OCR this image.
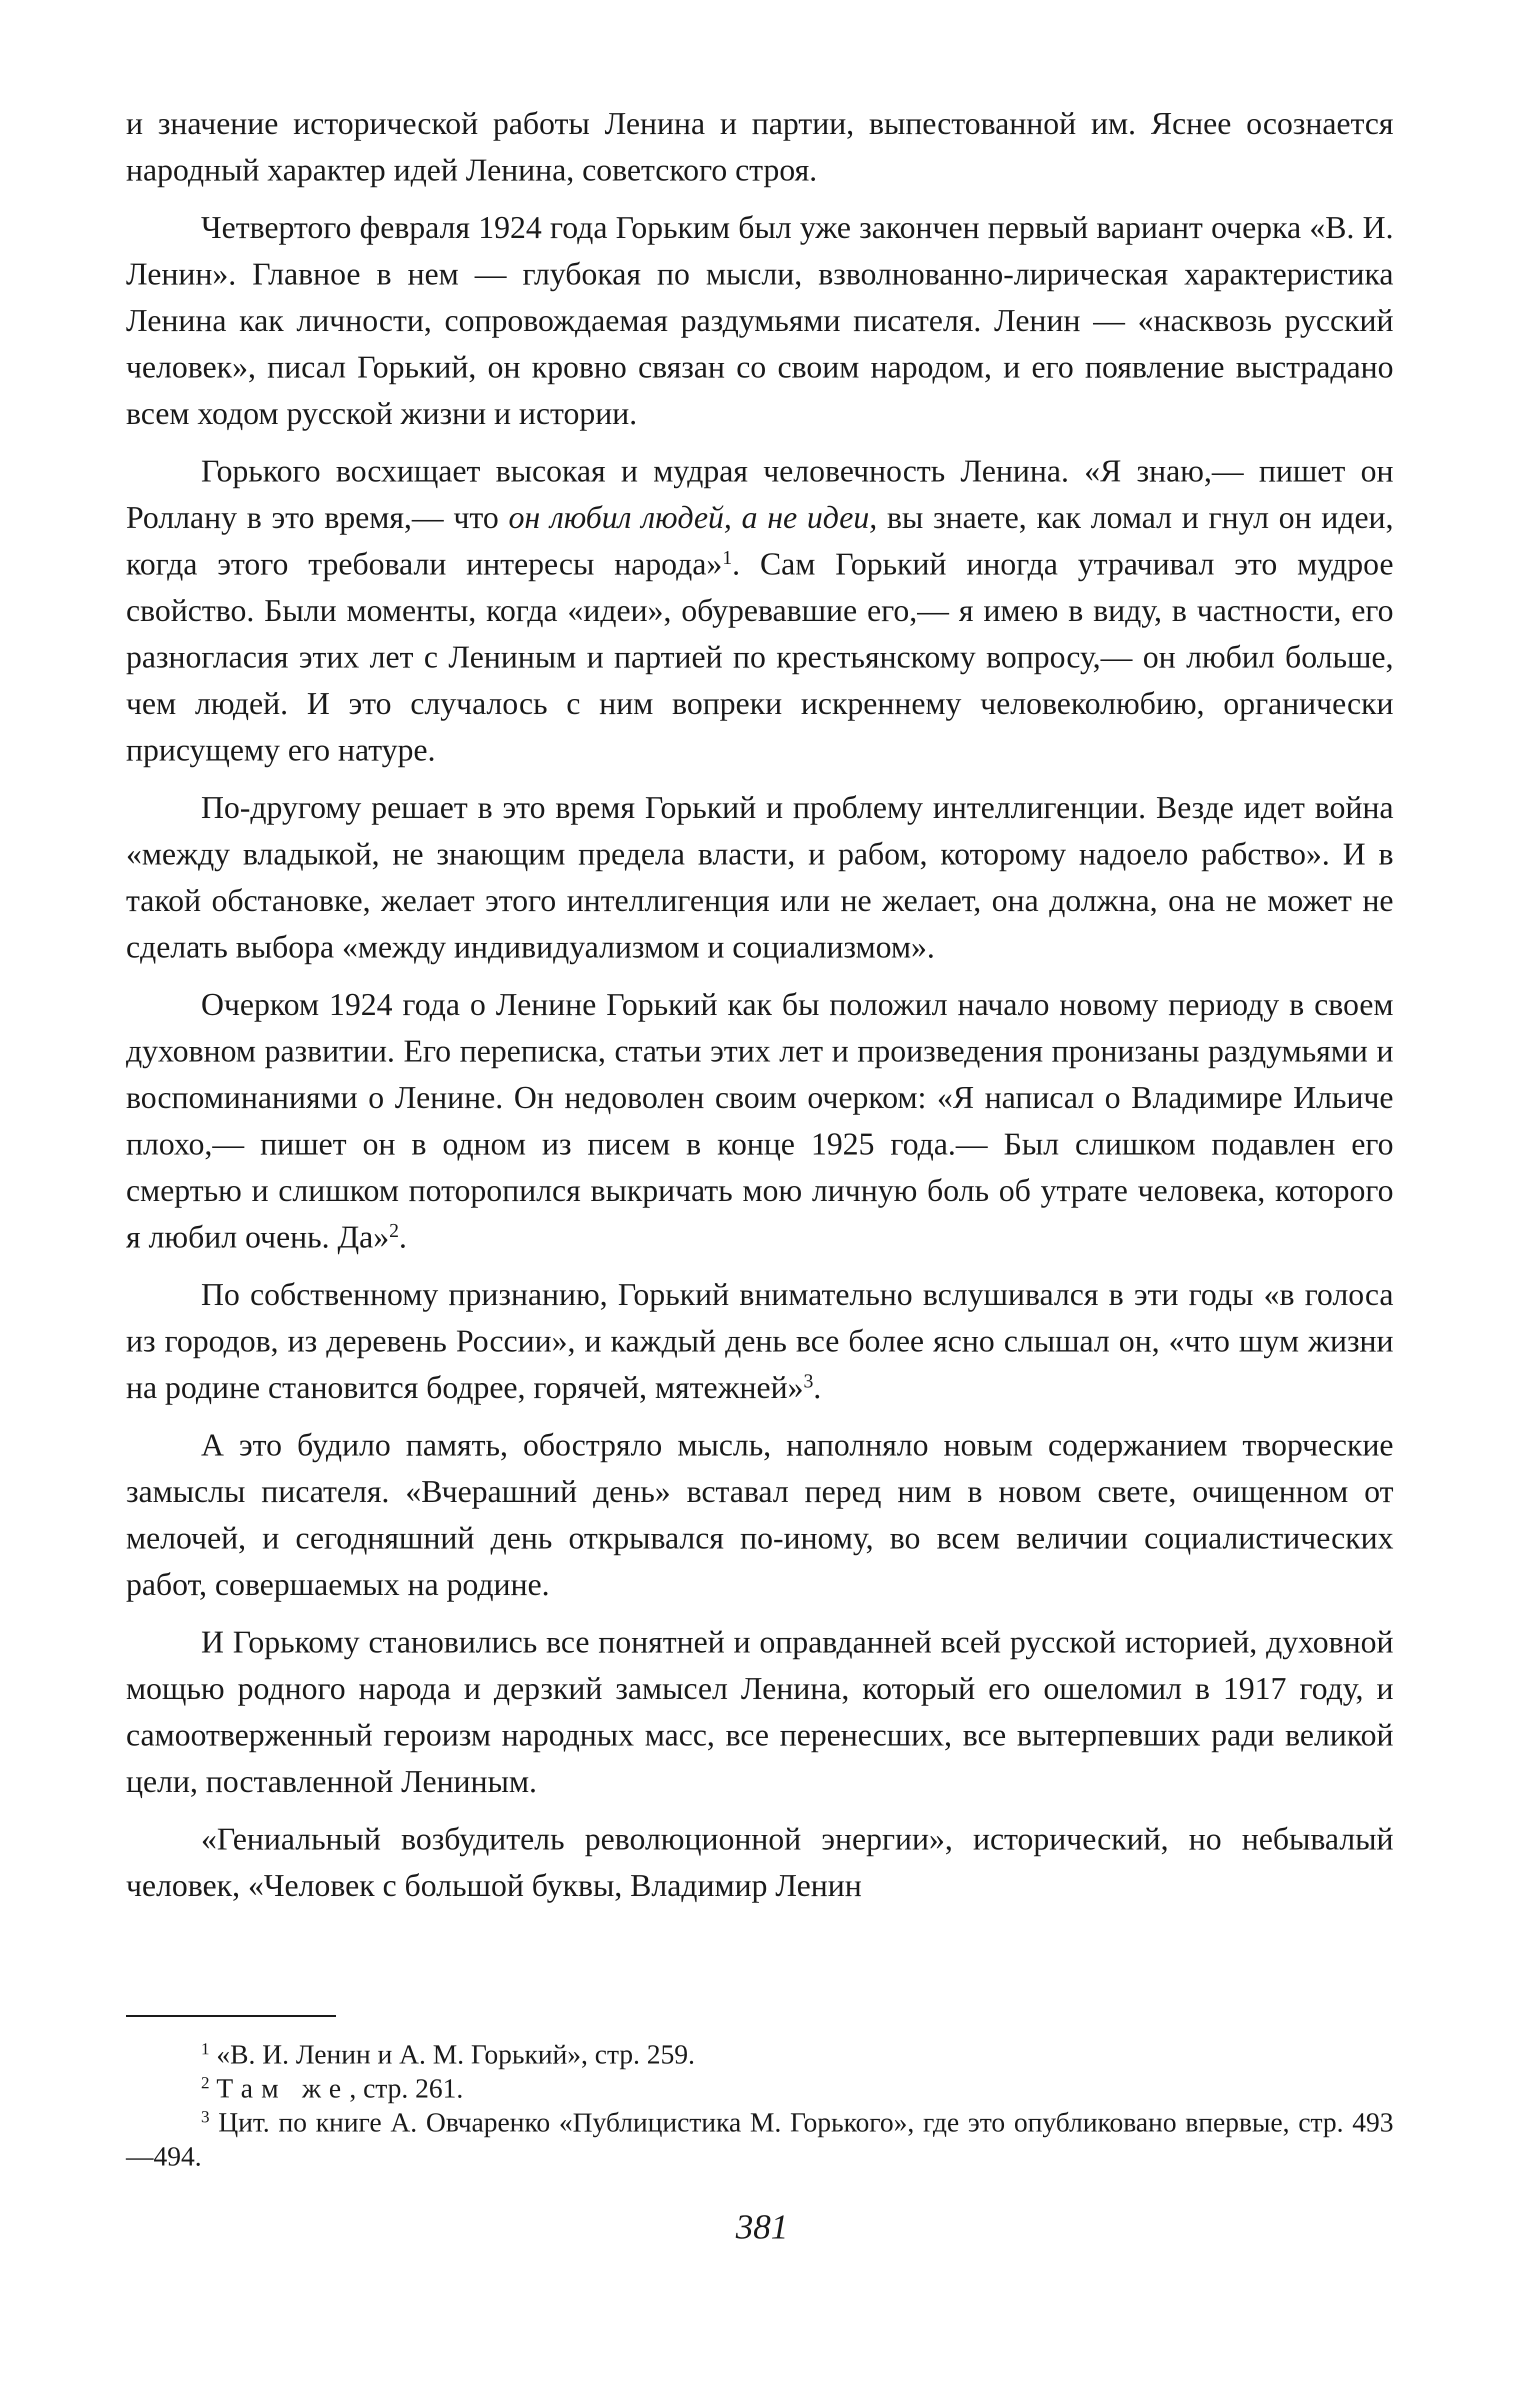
и значение исторической работы Ленина и партии, выпестованной им. Яснее осознается народный характер идей Ленина, советского строя.

Четвертого февраля 1924 года Горьким был уже закончен первый вариант очерка «В. И. Ленин». Главное в нем — глубокая по мысли, взволнованно-лирическая характеристика Ленина как личности, сопровождаемая раздумьями писателя. Ленин — «насквозь русский человек», писал Горький, он кровно связан со своим народом, и его появление выстрадано всем ходом русской жизни и истории.

Горького восхищает высокая и мудрая человечность Ленина. «Я знаю,— пишет он Роллану в это время,— что он любил людей, а не идеи, вы знаете, как ломал и гнул он идеи, когда этого требовали интересы народа»$^1$. Сам Горький иногда утрачивал это мудрое свойство. Были моменты, когда «идеи», обуревавшие его,— я имею в виду, в частности, его разногласия этих лет с Лениным и партией по крестьянскому вопросу,— он любил больше, чем людей. И это случалось с ним вопреки искреннему человеколюбию, органически присущему его натуре.

По-другому решает в это время Горький и проблему интеллигенции. Везде идет война «между владыкой, не знающим предела власти, и рабом, которому надоело рабство». И в такой обстановке, желает этого интеллигенция или не желает, она должна, она не может не сделать выбора «между индивидуализмом и социализмом».

Очерком 1924 года о Ленине Горький как бы положил начало новому периоду в своем духовном развитии. Его переписка, статьи этих лет и произведения пронизаны раздумьями и воспоминаниями о Ленине. Он недоволен своим очерком: «Я написал о Владимире Ильиче плохо,— пишет он в одном из писем в конце 1925 года.— Был слишком подавлен его смертью и слишком поторопился выкричать мою личную боль об утрате человека, которого я любил очень. Да»$^2$.

По собственному признанию, Горький внимательно вслушивался в эти годы «в голоса из городов, из деревень России», и каждый день все более ясно слышал он, «что шум жизни на родине становится бодрее, горячей, мятежней»$^3$.

А это будило память, обостряло мысль, наполняло новым содержанием творческие замыслы писателя. «Вчерашний день» вставал перед ним в новом свете, очищенном от мелочей, и сегодняшний день открывался по-иному, во всем величии социалистических работ, совершаемых на родине.

И Горькому становились все понятней и оправданней всей русской историей, духовной мощью родного народа и дерзкий замысел Ленина, который его ошеломил в 1917 году, и самоотверженный героизм народных масс, все перенесших, все вытерпевших ради великой цели, поставленной Лениным.

«Гениальный возбудитель революционной энергии», исторический, но небывалый человек, «Человек с большой буквы, Владимир Ленин

$^1$ «В. И. Ленин и А. М. Горький», стр. 259.

$^2$ Там же, стр. 261.

$^3$ Цит. по книге А. Овчаренко «Публицистика М. Горького», где это опубликовано впервые, стр. 493—494.

381
